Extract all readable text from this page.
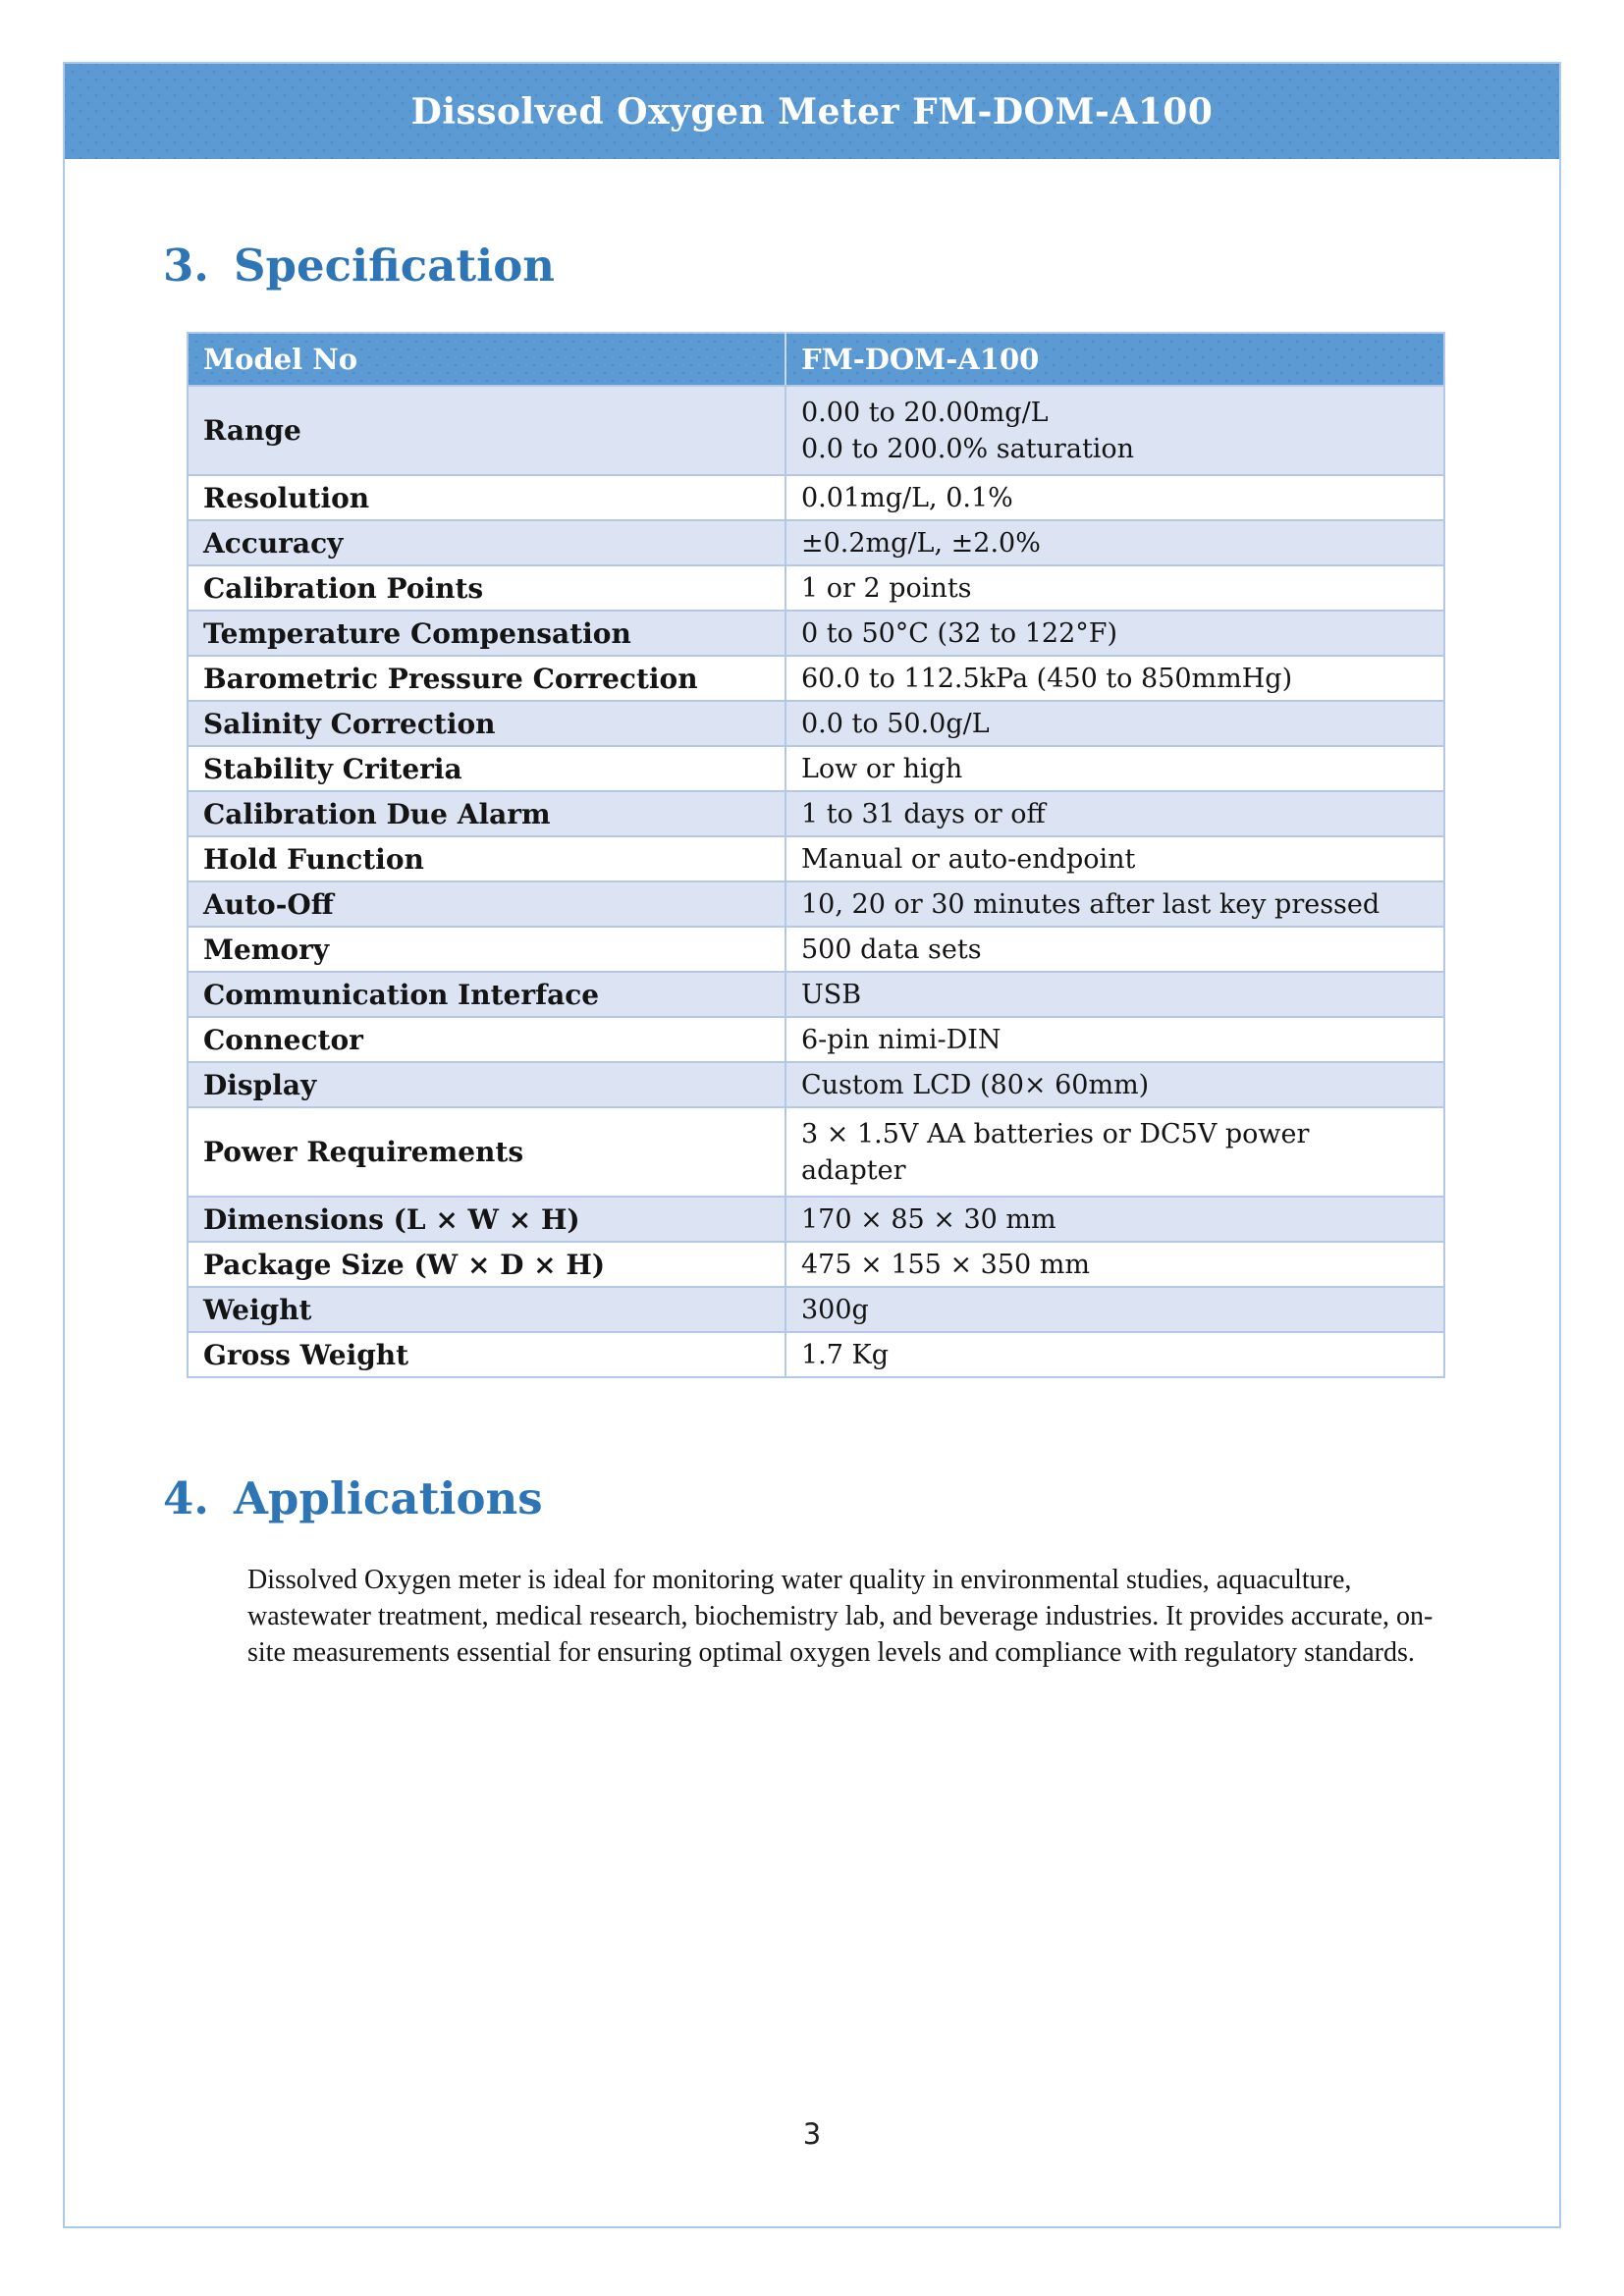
Dissolved Oxygen Meter FM-DOM-A100
3. Specification
Model No	FM-DOM-A100
Range	0.00 to 20.00mg/L
0.0 to 200.0% saturation

Resolution	0.01mg/L, 0.1%
Accuracy	±0.2mg/L, ±2.0%
Calibration Points	1 or 2 points
Temperature Compensation	0 to 50°C (32 to 122°F)
Barometric Pressure Correction	60.0 to 112.5kPa (450 to 850mmHg)
Salinity Correction	0.0 to 50.0g/L
Stability Criteria	Low or high
Calibration Due Alarm	1 to 31 days or off
Hold Function	Manual or auto-endpoint
Auto-Off	10, 20 or 30 minutes after last key pressed
Memory	500 data sets
Communication Interface	USB
Connector	6-pin nimi-DIN
Display	Custom LCD (80× 60mm)
Power Requirements	3 × 1.5V AA batteries or DC5V power
adapter

Dimensions (L × W × H)	170 × 85 × 30 mm
Package Size (W × D × H)	475 × 155 × 350 mm
Weight	300g
Gross Weight	1.7 Kg
4. Applications

Dissolved Oxygen meter is ideal for monitoring water quality in environmental studies, aquaculture, wastewater treatment, medical research, biochemistry lab, and beverage industries. It provides accurate, on-site measurements essential for ensuring optimal oxygen levels and compliance with regulatory standards.

3
